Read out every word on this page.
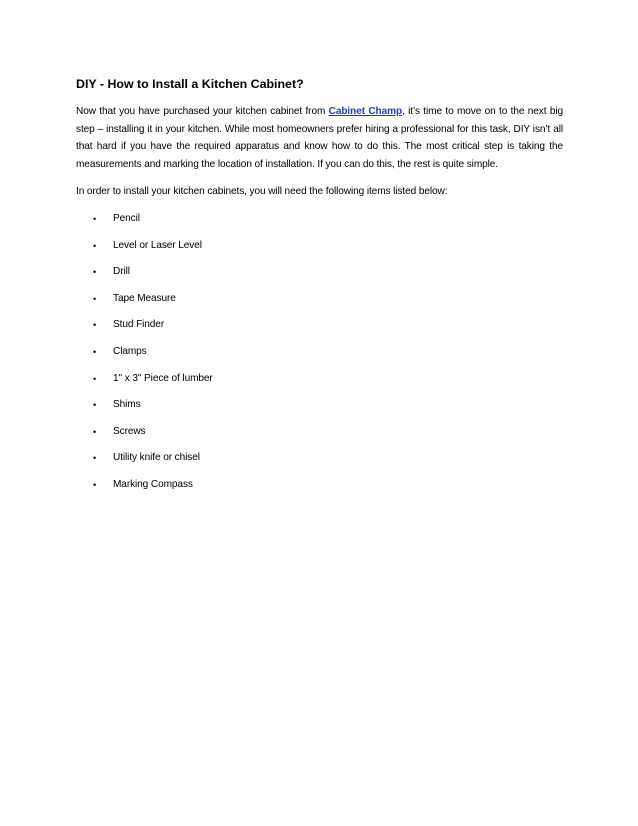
DIY - How to Install a Kitchen Cabinet?

Now that you have purchased your kitchen cabinet from Cabinet Champ, it’s time to move on to the next big step – installing it in your kitchen. While most homeowners prefer hiring a professional for this task, DIY isn’t all that hard if you have the required apparatus and know how to do this. The most critical step is taking the measurements and marking the location of installation. If you can do this, the rest is quite simple.

In order to install your kitchen cabinets, you will need the following items listed below:

• Pencil
• Level or Laser Level
• Drill
• Tape Measure
• Stud Finder
• Clamps
• 1" x 3" Piece of lumber
• Shims
• Screws
• Utility knife or chisel
• Marking Compass
